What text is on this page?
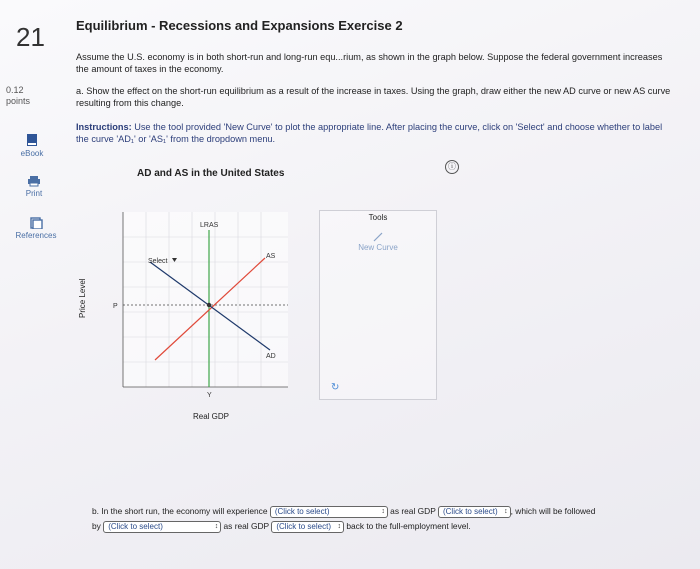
21
0.12
points
eBook
Print
References
Equilibrium - Recessions and Expansions Exercise 2
Assume the U.S. economy is in both short-run and long-run equ...rium, as shown in the graph below. Suppose the federal government increases the amount of taxes in the economy.
a. Show the effect on the short-run equilibrium as a result of the increase in taxes. Using the graph, draw either the new AD curve or new AS curve resulting from this change.
Instructions: Use the tool provided 'New Curve' to plot the appropriate line. After placing the curve, click on 'Select' and choose whether to label the curve 'AD₁' or 'AS₁' from the dropdown menu.
ⓘ
AD and AS in the United States
LRAS
AS
AD
P
Y
Select
Price Level
Real GDP
Tools
New Curve
↻
b. In the short run, the economy will experience (Click to select) ↕	as real GDP (Click to select) ↕ , which will be followed
by (Click to select) ↕	as real GDP (Click to select) ↕ back to the full-employment level.
